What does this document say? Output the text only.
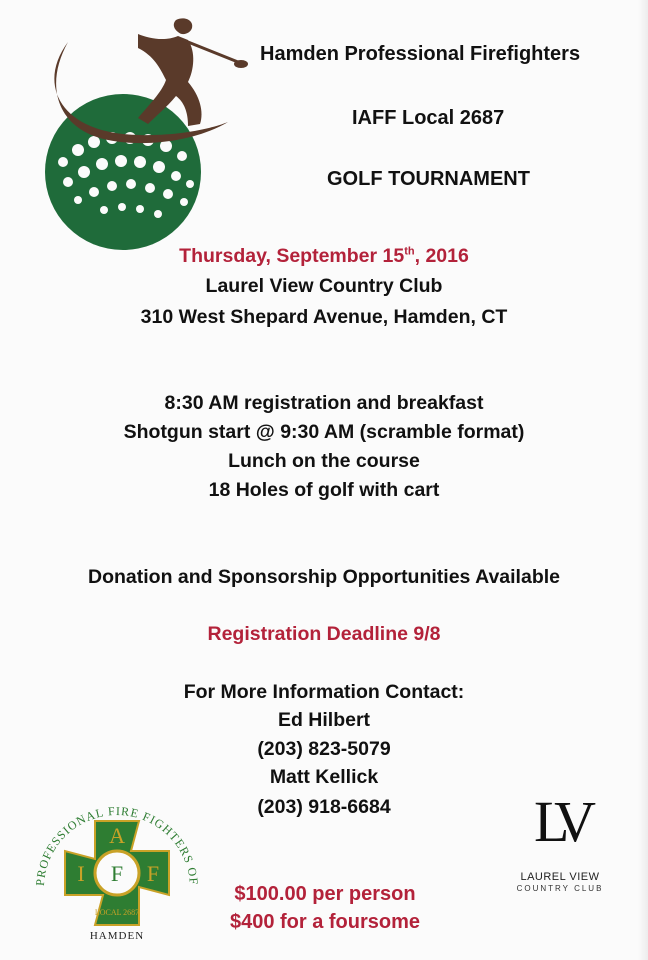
Hamden Professional Firefighters
IAFF Local 2687
GOLF TOURNAMENT
Thursday, September 15th, 2016
Laurel View Country Club
310 West Shepard Avenue, Hamden, CT
8:30 AM registration and breakfast
Shotgun start @ 9:30 AM (scramble format)
Lunch on the course
18 Holes of golf with cart
Donation and Sponsorship Opportunities Available
Registration Deadline 9/8
For More Information Contact:
Ed Hilbert
(203) 823-5079
Matt Kellick
(203) 918-6684
$100.00 per person
$400 for a foursome
PROFESSIONAL FIRE FIGHTERS OF
A
I F F
LOCAL 2687
HAMDEN
LV
LAUREL VIEW
COUNTRY CLUB
